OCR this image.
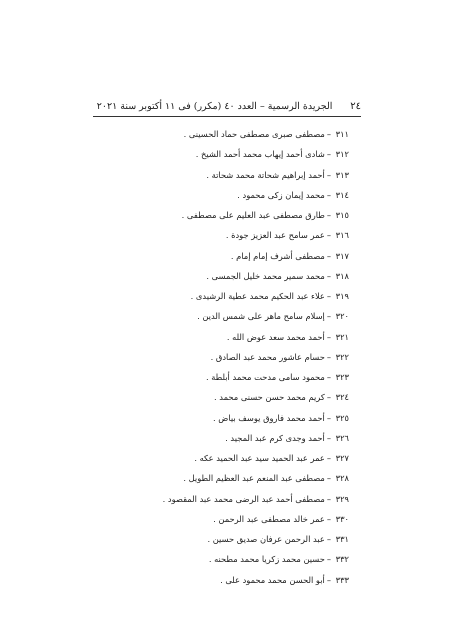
٢٤
الجريدة الرسمية – العدد ٤٠ (مكرر) فى ١١ أكتوبر سنة ٢٠٢١
٣١١–مصطفى صبرى مصطفى حماد الحسينى .
٣١٢–شادى أحمد إيهاب محمد أحمد الشيخ .
٣١٣–أحمد إبراهيم شحاتة محمد شحاتة .
٣١٤–محمد إيمان زكى محمود .
٣١٥–طارق مصطفى عبد العليم على مصطفى .
٣١٦–عمر سامح عبد العزيز جودة .
٣١٧–مصطفى أشرف إمام إمام .
٣١٨–محمد سمير محمد خليل الجمسى .
٣١٩–علاء عبد الحكيم محمد عطية الرشيدى .
٣٢٠–إسلام سامح ماهر على شمس الدين .
٣٢١–أحمد محمد سعد عوض الله .
٣٢٢–حسام عاشور محمد عبد الصادق .
٣٢٣–محمود سامى مدحت محمد أبلطة .
٣٢٤–كريم محمد حسن حسنى محمد .
٣٢٥–أحمد محمد فاروق يوسف بياض .
٣٢٦–أحمد وجدى كرم عبد المجيد .
٣٢٧–عمر عبد الحميد سيد عبد الحميد عكه .
٣٢٨–مصطفى عبد المنعم عبد العظيم الطويل .
٣٢٩–مصطفى أحمد عبد الرضى محمد عبد المقصود .
٣٣٠–عمر خالد مصطفى عبد الرحمن .
٣٣١–عبد الرحمن عرفان صديق حسين .
٣٣٢–حسين محمد زكريا محمد مطحنه .
٣٣٣–أبو الحسن محمد محمود على .
